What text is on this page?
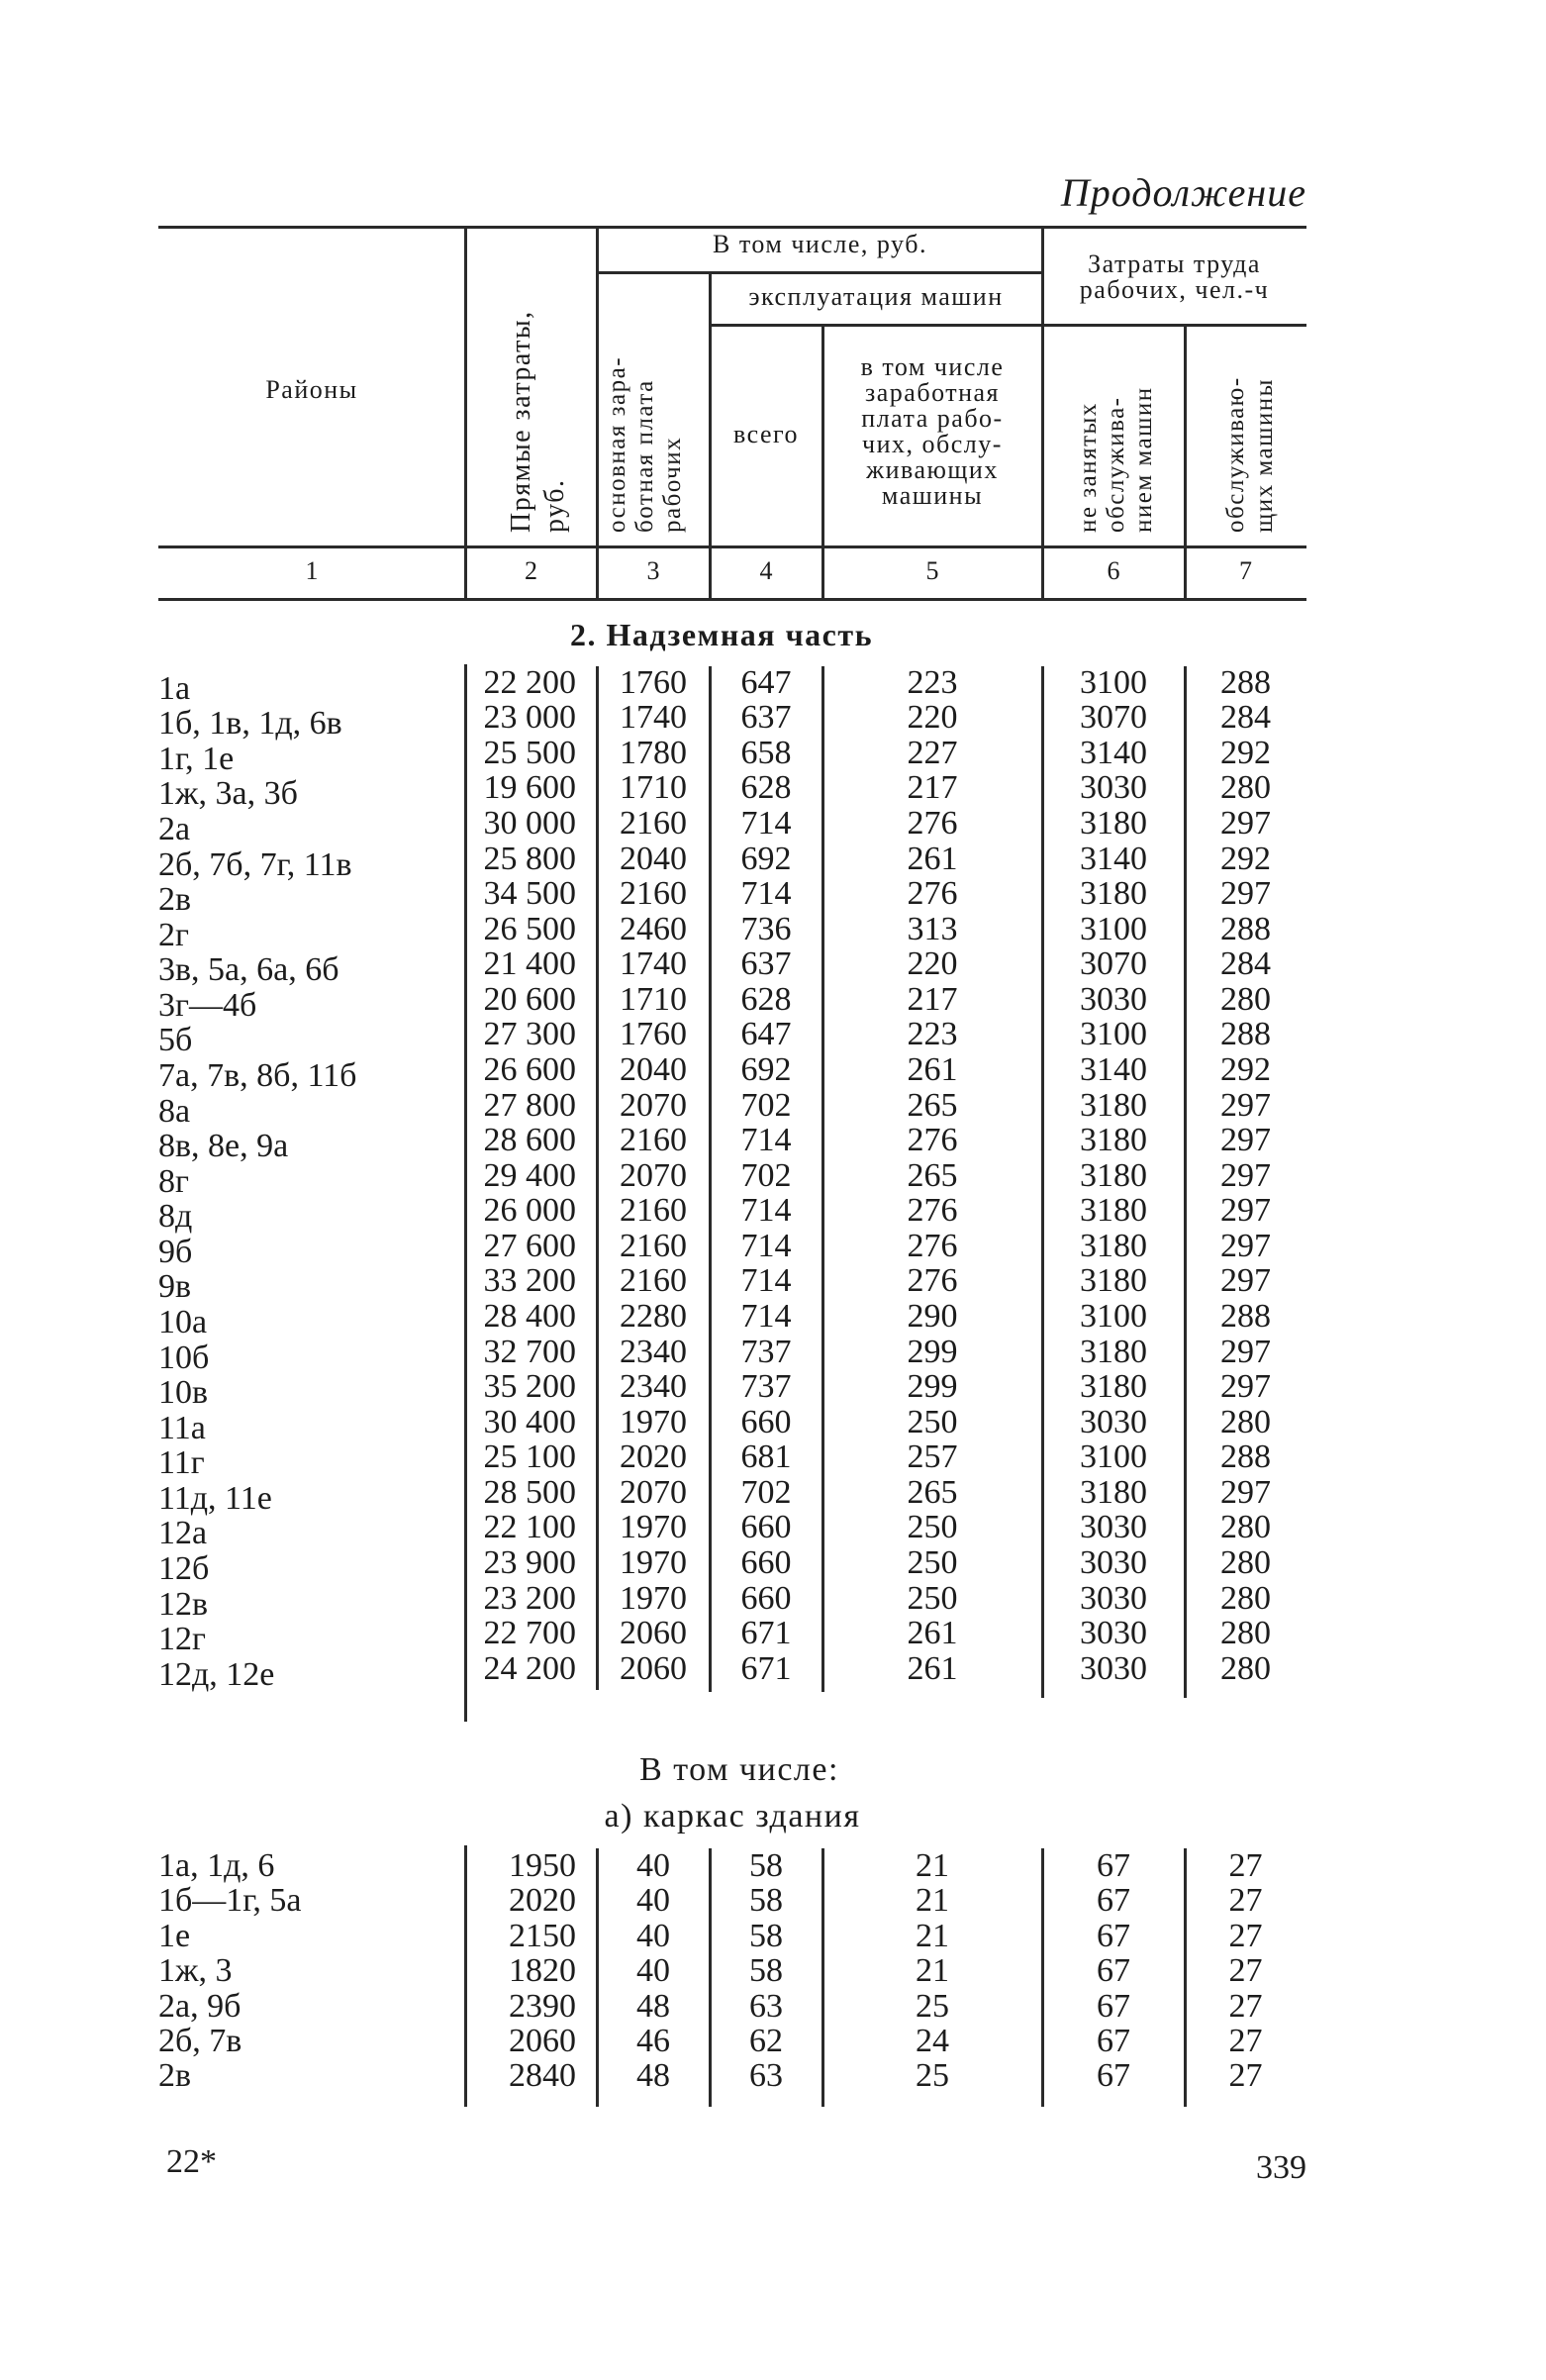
Продолжение
Районы	Прямые затраты, руб.
В том числе, руб.
эксплуатация машин
основная зара- ботная плата рабочих
всего
в том числе
заработная
плата рабо-
чих, обслу-
живающих
машины
Затраты труда
рабочих, чел.-ч
не занятых обслужива- нием машин	обслуживаю- щих машины
1	2	3	4	5	6	7
2. Надземная часть
1а	22 200	1760	647	223	3100	288
1б, 1в, 1д, 6в	23 000	1740	637	220	3070	284
1г, 1е	25 500	1780	658	227	3140	292
1ж, 3а, 3б	19 600	1710	628	217	3030	280
2а	30 000	2160	714	276	3180	297
2б, 7б, 7г, 11в	25 800	2040	692	261	3140	292
2в	34 500	2160	714	276	3180	297
2г	26 500	2460	736	313	3100	288
3в, 5а, 6а, 6б	21 400	1740	637	220	3070	284
3г—4б	20 600	1710	628	217	3030	280
5б	27 300	1760	647	223	3100	288
7а, 7в, 8б, 11б	26 600	2040	692	261	3140	292
8а	27 800	2070	702	265	3180	297
8в, 8е, 9а	28 600	2160	714	276	3180	297
8г	29 400	2070	702	265	3180	297
8д	26 000	2160	714	276	3180	297
9б	27 600	2160	714	276	3180	297
9в	33 200	2160	714	276	3180	297
10а	28 400	2280	714	290	3100	288
10б	32 700	2340	737	299	3180	297
10в	35 200	2340	737	299	3180	297
11а	30 400	1970	660	250	3030	280
11г	25 100	2020	681	257	3100	288
11д, 11е	28 500	2070	702	265	3180	297
12а	22 100	1970	660	250	3030	280
12б	23 900	1970	660	250	3030	280
12в	23 200	1970	660	250	3030	280
12г	22 700	2060	671	261	3030	280
12д, 12е	24 200	2060	671	261	3030	280
В том числе:
а) каркас здания
1а, 1д, 6	1950	40	58	21	67	27
1б—1г, 5а	2020	40	58	21	67	27
1е	2150	40	58	21	67	27
1ж, 3	1820	40	58	21	67	27
2а, 9б	2390	48	63	25	67	27
2б, 7в	2060	46	62	24	67	27
2в	2840	48	63	25	67	27
22*	339
